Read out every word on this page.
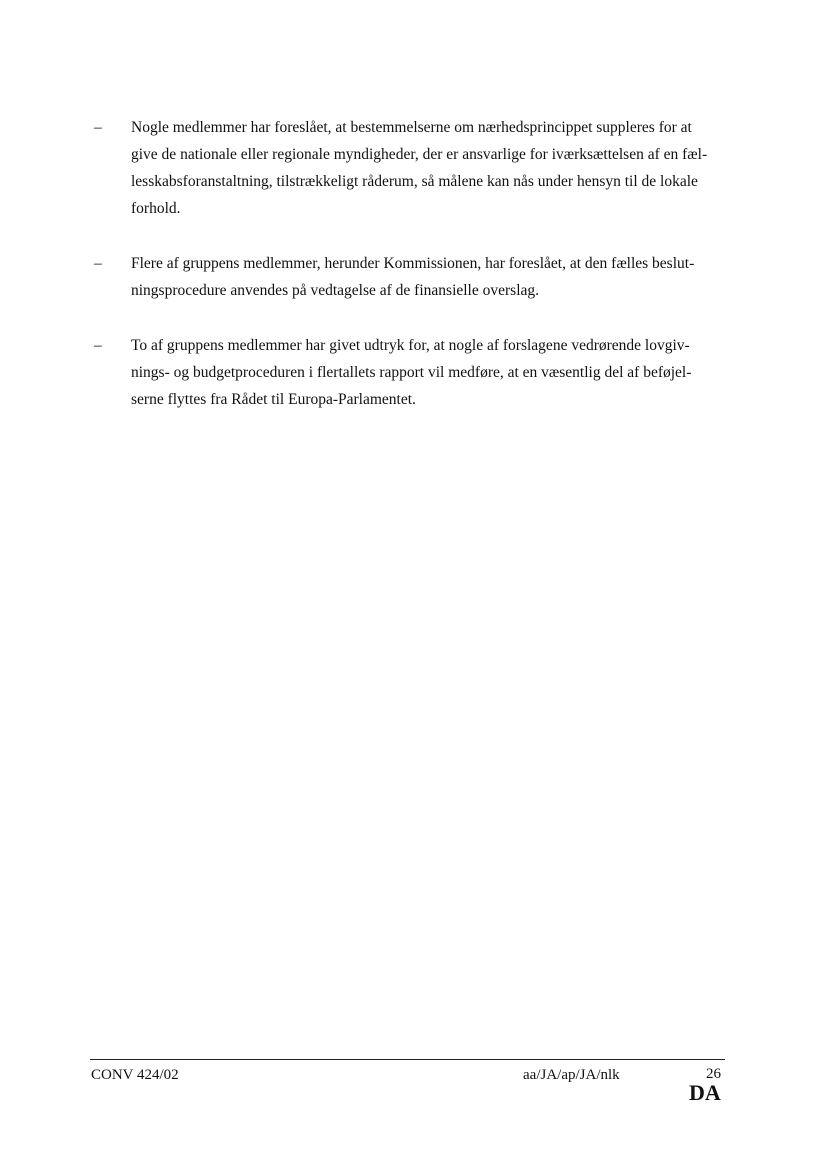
–	Nogle medlemmer har foreslået, at bestemmelserne om nærhedsprincippet suppleres for at
give de nationale eller regionale myndigheder, der er ansvarlige for iværksættelsen af en fæl-
lesskabsforanstaltning, tilstrækkeligt råderum, så målene kan nås under hensyn til de lokale
forhold.
–	Flere af gruppens medlemmer, herunder Kommissionen, har foreslået, at den fælles beslut-
ningsprocedure anvendes på vedtagelse af de finansielle overslag.
–	To af gruppens medlemmer har givet udtryk for, at nogle af forslagene vedrørende lovgiv-
nings- og budgetproceduren i flertallets rapport vil medføre, at en væsentlig del af beføjel-
serne flyttes fra Rådet til Europa-Parlamentet.
CONV 424/02	aa/JA/ap/JA/nlk	26
DA
